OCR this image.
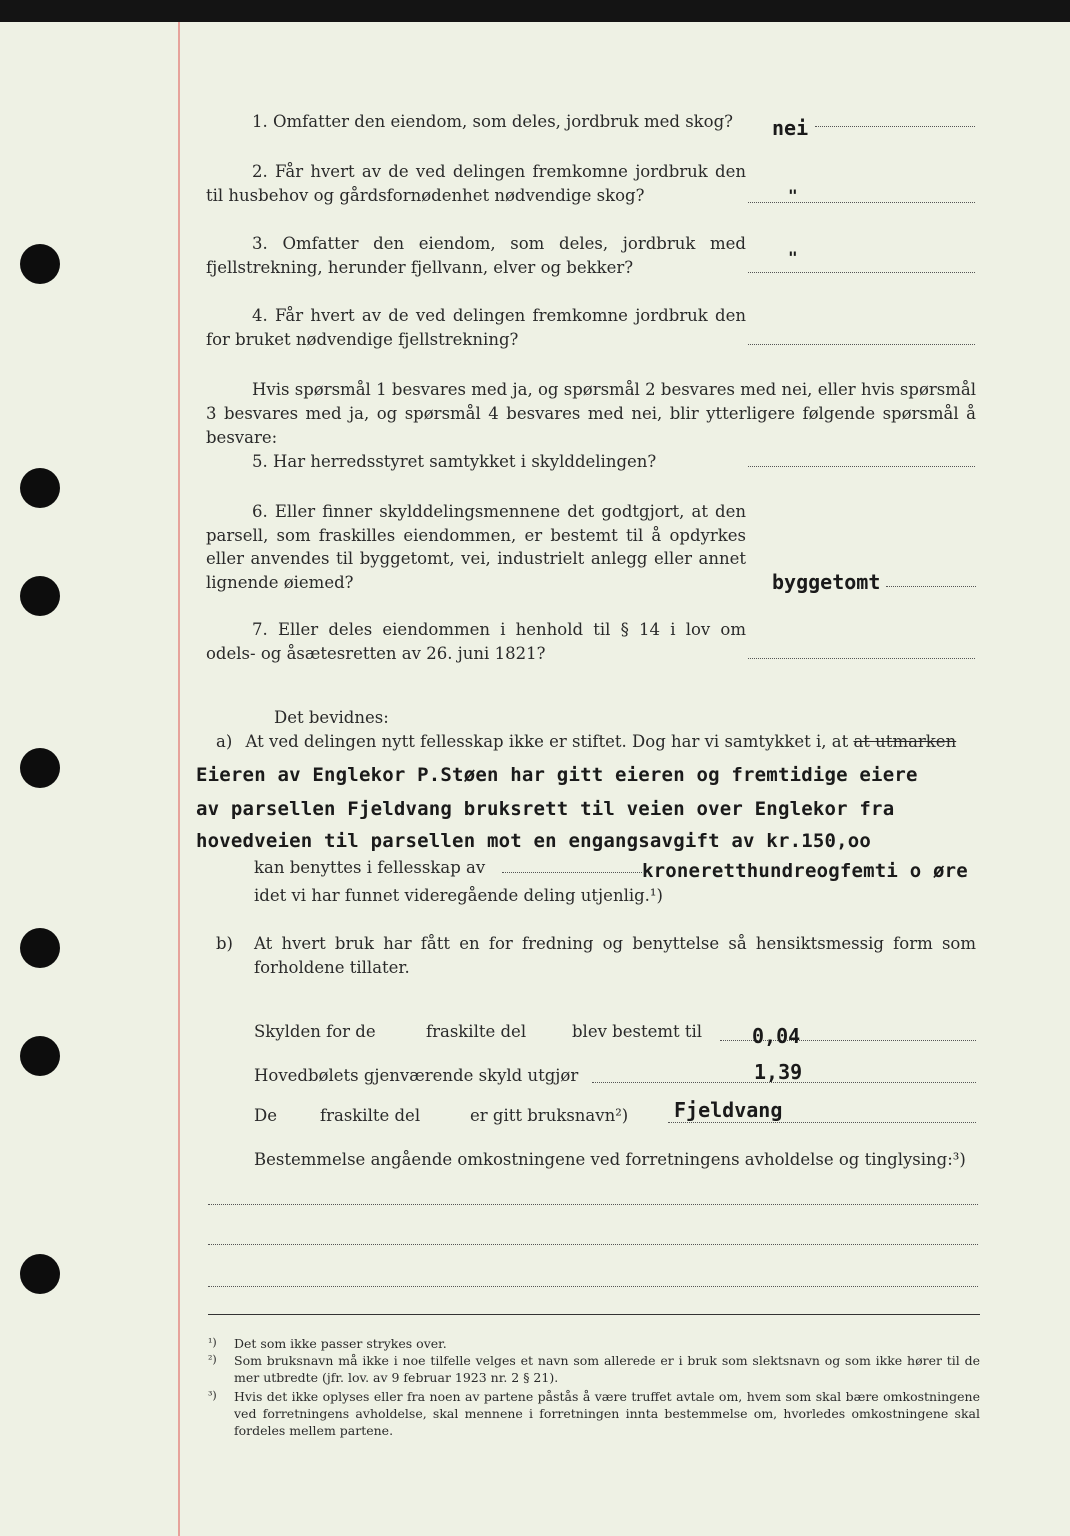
1. Omfatter den eiendom, som deles, jordbruk med skog? nei
2. Får hvert av de ved delingen fremkomne jordbruk den til husbehov og gårdsfornødenhet nødvendige skog?	"
3. Omfatter den eiendom, som deles, jordbruk med fjellstrekning, herunder fjellvann, elver og bekker?
"
4. Får hvert av de ved delingen fremkomne jordbruk den for bruket nødvendige fjellstrekning?
Hvis spørsmål 1 besvares med ja, og spørsmål 2 besvares med nei, eller hvis spørsmål 3 besvares med ja, og spørsmål 4 besvares med nei, blir ytterligere følgende spørsmål å besvare:
5. Har herredsstyret samtykket i skylddelingen?
6. Eller finner skylddelingsmennene det godtgjort, at den parsell, som fraskilles eiendommen, er bestemt til å opdyrkes eller anvendes til byggetomt, vei, industrielt anlegg eller annet lignende øiemed?	byggetomt
7. Eller deles eiendommen i henhold til § 14 i lov om odels- og åsætesretten av 26. juni 1821?
Det bevidnes:
a) At ved delingen nytt fellesskap ikke er stiftet. Dog har vi samtykket i, at at utmarken
Eieren av Englekor P.Støen har gitt eieren og fremtidige eiere
av parsellen Fjeldvang bruksrett til veien over Englekor fra
hovedveien til parsellen mot en engangsavgift av kr.150,oo
kan benyttes i fellesskap av	kroneretthundreogfemti o øre
idet vi har funnet videregående deling utjenlig.¹)
b) At hvert bruk har fått en for fredning og benyttelse så hensiktsmessig form som forholdene tillater.
Skylden for de	fraskilte del	blev bestemt til 0,04
Hovedbølets gjenværende skyld utgjør	1,39
De	fraskilte del	er gitt bruksnavn²) Fjeldvang
Bestemmelse angående omkostningene ved forretningens avholdelse og tinglysing:³)
¹) Det som ikke passer strykes over.
²) Som bruksnavn må ikke i noe tilfelle velges et navn som allerede er i bruk som slektsnavn og som ikke hører til de mer utbredte (jfr. lov. av 9 februar 1923 nr. 2 § 21).
³) Hvis det ikke oplyses eller fra noen av partene påstås å være truffet avtale om, hvem som skal bære omkostningene ved forretningens avholdelse, skal mennene i forretningen innta bestemmelse om, hvorledes omkostningene skal fordeles mellem partene.
